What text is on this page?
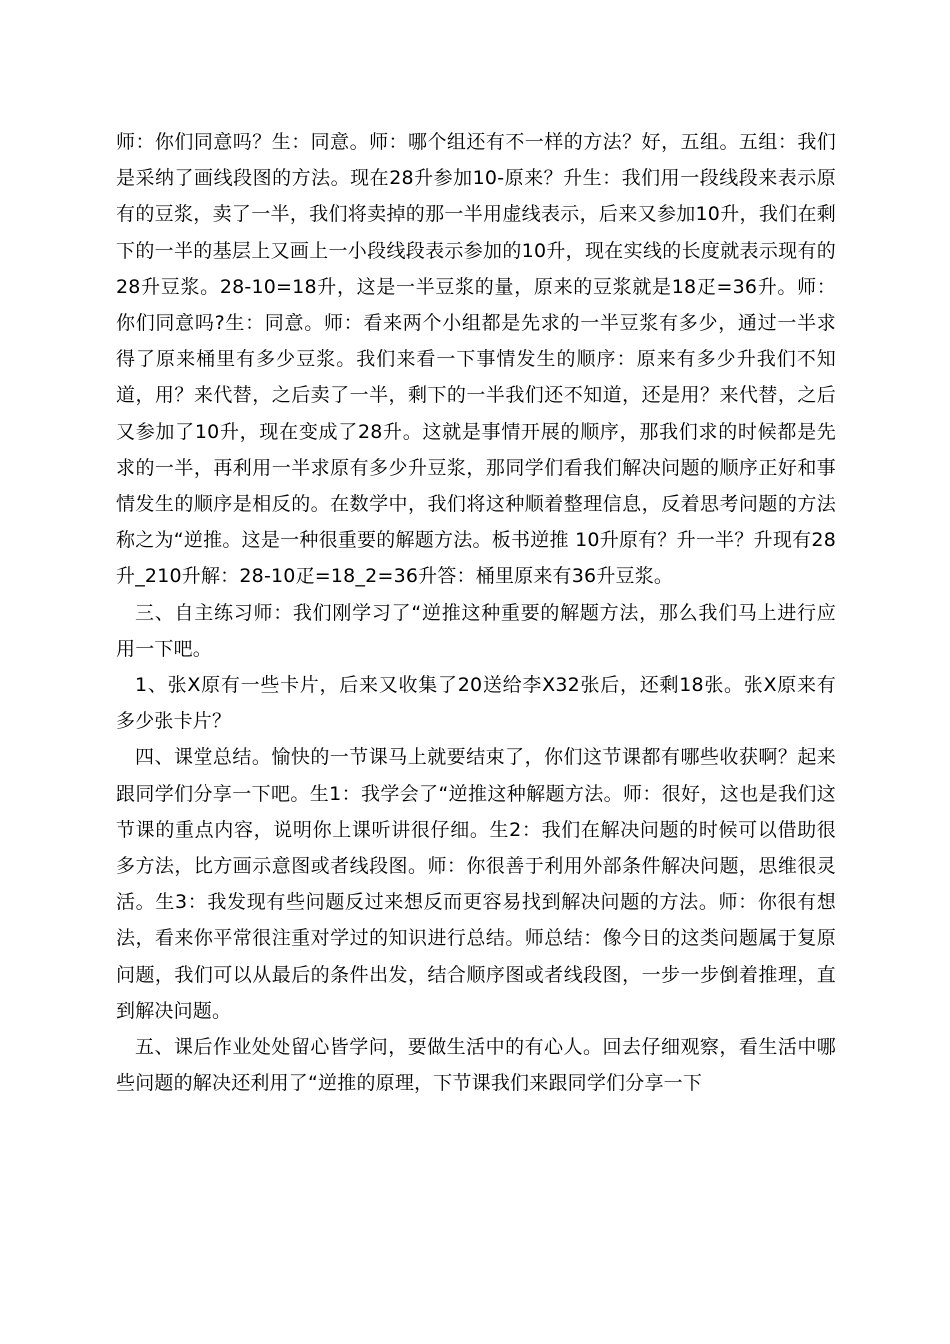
师：你们同意吗？生：同意。师：哪个组还有不一样的方法？好，五组。五组：我们是采纳了画线段图的方法。现在28升参加10-原来？升生：我们用一段线段来表示原有的豆浆，卖了一半，我们将卖掉的那一半用虚线表示，后来又参加10升，我们在剩下的一半的基层上又画上一小段线段表示参加的10升，现在实线的长度就表示现有的28升豆浆。28-10=18升，这是一半豆浆的量，原来的豆浆就是18疋=36升。师：你们同意吗?生：同意。师：看来两个小组都是先求的一半豆浆有多少，通过一半求得了原来桶里有多少豆浆。我们来看一下事情发生的顺序：原来有多少升我们不知道，用？来代替，之后卖了一半，剩下的一半我们还不知道，还是用？来代替，之后又参加了10升，现在变成了28升。这就是事情开展的顺序，那我们求的时候都是先求的一半，再利用一半求原有多少升豆浆，那同学们看我们解决问题的顺序正好和事情发生的顺序是相反的。在数学中，我们将这种顺着整理信息，反着思考问题的方法称之为“逆推。这是一种很重要的解题方法。板书逆推 10升原有？升一半？升现有28升_210升解：28-10疋=18_2=36升答：桶里原来有36升豆浆。

三、自主练习师：我们刚学习了“逆推这种重要的解题方法，那么我们马上进行应用一下吧。

1、张X原有一些卡片，后来又收集了20送给李X32张后，还剩18张。张X原来有多少张卡片？

四、课堂总结。愉快的一节课马上就要结束了，你们这节课都有哪些收获啊？起来跟同学们分享一下吧。生1：我学会了“逆推这种解题方法。师：很好，这也是我们这节课的重点内容，说明你上课听讲很仔细。生2：我们在解决问题的时候可以借助很多方法，比方画示意图或者线段图。师：你很善于利用外部条件解决问题，思维很灵活。生3：我发现有些问题反过来想反而更容易找到解决问题的方法。师：你很有想法，看来你平常很注重对学过的知识进行总结。师总结：像今日的这类问题属于复原问题，我们可以从最后的条件出发，结合顺序图或者线段图，一步一步倒着推理，直到解决问题。

五、课后作业处处留心皆学问，要做生活中的有心人。回去仔细观察，看生活中哪些问题的解决还利用了“逆推的原理，下节课我们来跟同学们分享一下
